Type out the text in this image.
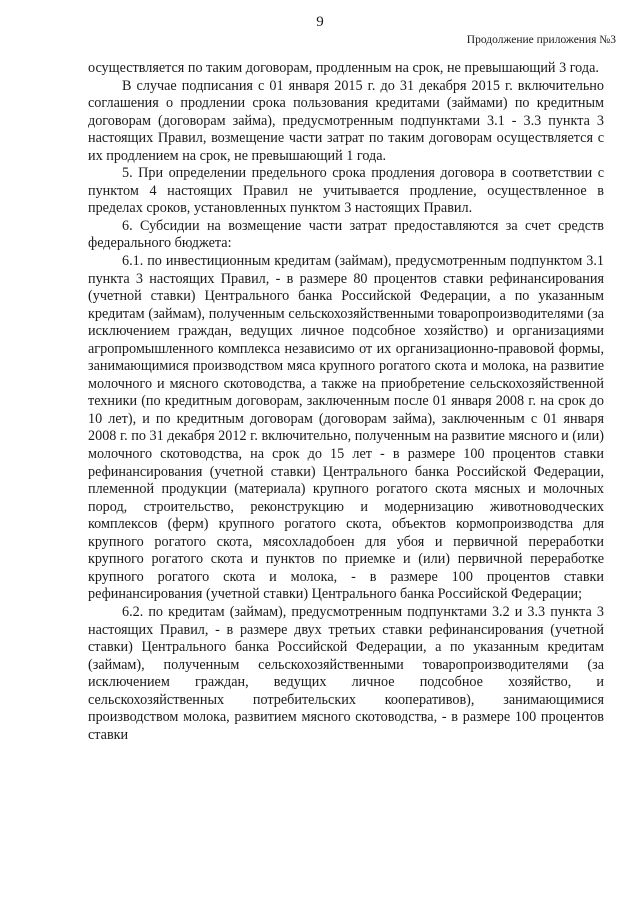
9
Продолжение приложения №3

осуществляется по таким договорам, продленным на срок, не превышающий 3 года.

В случае подписания с 01 января 2015 г. до 31 декабря 2015 г. включительно соглашения о продлении срока пользования кредитами (займами) по кредитным договорам (договорам займа), предусмотренным подпунктами 3.1 - 3.3 пункта 3 настоящих Правил, возмещение части затрат по таким договорам осуществляется с их продлением на срок, не превышающий 1 года.

5. При определении предельного срока продления договора в соответствии с пунктом 4 настоящих Правил не учитывается продление, осуществленное в пределах сроков, установленных пунктом 3 настоящих Правил.

6. Субсидии на возмещение части затрат предоставляются за счет средств федерального бюджета:

6.1. по инвестиционным кредитам (займам), предусмотренным подпунктом 3.1 пункта 3 настоящих Правил, - в размере 80 процентов ставки рефинансирования (учетной ставки) Центрального банка Российской Федерации, а по указанным кредитам (займам), полученным сельскохозяйственными товаропроизводителями (за исключением граждан, ведущих личное подсобное хозяйство) и организациями агропромышленного комплекса независимо от их организационно-правовой формы, занимающимися производством мяса крупного рогатого скота и молока, на развитие молочного и мясного скотоводства, а также на приобретение сельскохозяйственной техники (по кредитным договорам, заключенным после 01 января 2008 г. на срок до 10 лет), и по кредитным договорам (договорам займа), заключенным с 01 января 2008 г. по 31 декабря 2012 г. включительно, полученным на развитие мясного и (или) молочного скотоводства, на срок до 15 лет - в размере 100 процентов ставки рефинансирования (учетной ставки) Центрального банка Российской Федерации, племенной продукции (материала) крупного рогатого скота мясных и молочных пород, строительство, реконструкцию и модернизацию животноводческих комплексов (ферм) крупного рогатого скота, объектов кормопроизводства для крупного рогатого скота, мясохладобоен для убоя и первичной переработки крупного рогатого скота и пунктов по приемке и (или) первичной переработке крупного рогатого скота и молока, - в размере 100 процентов ставки рефинансирования (учетной ставки) Центрального банка Российской Федерации;

6.2. по кредитам (займам), предусмотренным подпунктами 3.2 и 3.3 пункта 3 настоящих Правил, - в размере двух третьих ставки рефинансирования (учетной ставки) Центрального банка Российской Федерации, а по указанным кредитам (займам), полученным сельскохозяйственными товаропроизводителями (за исключением граждан, ведущих личное подсобное хозяйство, и сельскохозяйственных потребительских кооперативов), занимающимися производством молока, развитием мясного скотоводства, - в размере 100 процентов ставки
